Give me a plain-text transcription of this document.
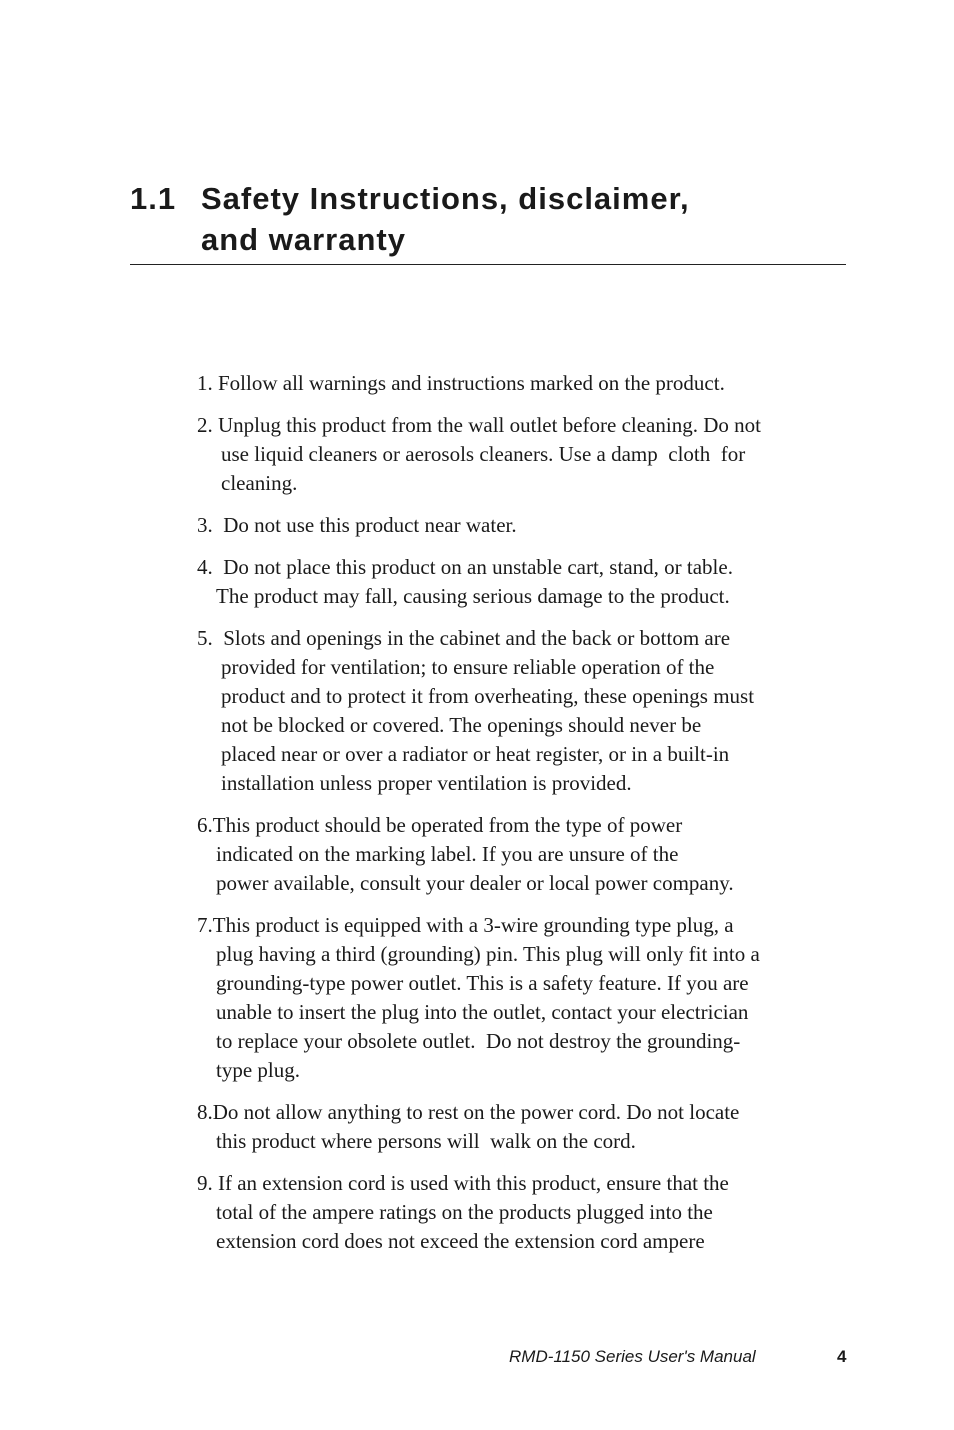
1.1 Safety Instructions, disclaimer,
and warranty
1. Follow all warnings and instructions marked on the product.
2. Unplug this product from the wall outlet before cleaning. Do not
use liquid cleaners or aerosols cleaners. Use a damp  cloth  for
cleaning.
3.  Do not use this product near water.
4.  Do not place this product on an unstable cart, stand, or table.
The product may fall, causing serious damage to the product.
5.  Slots and openings in the cabinet and the back or bottom are
provided for ventilation; to ensure reliable operation of the
product and to protect it from overheating, these openings must
not be blocked or covered. The openings should never be
placed near or over a radiator or heat register, or in a built-in
installation unless proper ventilation is provided.
6.This product should be operated from the type of power
indicated on the marking label. If you are unsure of the
power available, consult your dealer or local power company.
7.This product is equipped with a 3-wire grounding type plug, a
plug having a third (grounding) pin. This plug will only fit into a
grounding-type power outlet. This is a safety feature. If you are
unable to insert the plug into the outlet, contact your electrician
to replace your obsolete outlet.  Do not destroy the grounding-
type plug.
8.Do not allow anything to rest on the power cord. Do not locate
this product where persons will  walk on the cord.
9. If an extension cord is used with this product, ensure that the
total of the ampere ratings on the products plugged into the
extension cord does not exceed the extension cord ampere
RMD-1150 Series User's Manual	4
